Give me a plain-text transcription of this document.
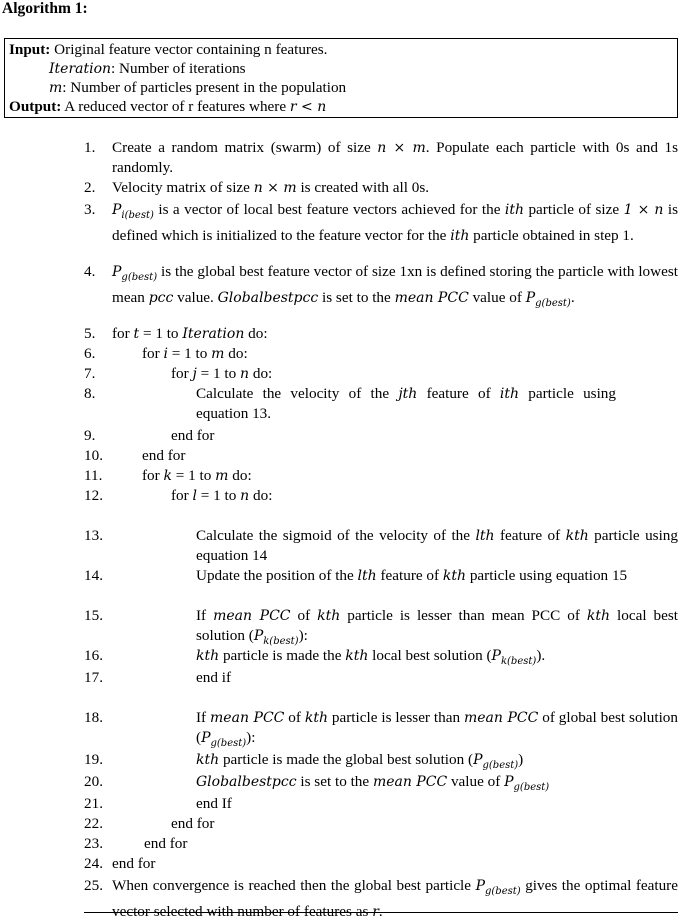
Algorithm 1:
Input: Original feature vector containing n features.
Iteration: Number of iterations
m: Number of particles present in the population
Output: A reduced vector of r features where r < n
1. Create a random matrix (swarm) of size n × m. Populate each particle with 0s and 1s randomly.
2. Velocity matrix of size n × m is created with all 0s.
3. $P_{i(best)}$ is a vector of local best feature vectors achieved for the ith particle of size 1 × n is defined which is initialized to the feature vector for the ith particle obtained in step 1.
4. $P_{g(best)}$ is the global best feature vector of size 1xn is defined storing the particle with lowest mean pcc value. Globalbestpcc is set to the mean PCC value of $P_{g(best)}$.
5. for t = 1 to Iteration do:
6.	for i = 1 to m do:
7.	for j = 1 to n do:
8.	Calculate the velocity of the jth feature of ith particle using equation 13.
9.	end for
10.	end for
11.	for k = 1 to m do:
12.	for l = 1 to n do:
13.	Calculate the sigmoid of the velocity of the lth feature of kth particle using equation 14
14.	Update the position of the lth feature of kth particle using equation 15
15.	If mean PCC of kth particle is lesser than mean PCC of kth local best solution $(P_{k(best)})$:
16.	kth particle is made the kth local best solution $(P_{k(best)})$.
17.	end if
18.	If mean PCC of kth particle is lesser than mean PCC of global best solution $(P_{g(best)})$:
19.	kth particle is made the global best solution $(P_{g(best)})$
20.	Globalbestpcc is set to the mean PCC value of $P_{g(best)}$
21.	end If
22.	end for
23.	end for
24. end for
25. When convergence is reached then the global best particle $P_{g(best)}$ gives the optimal feature vector selected with number of features as r.
